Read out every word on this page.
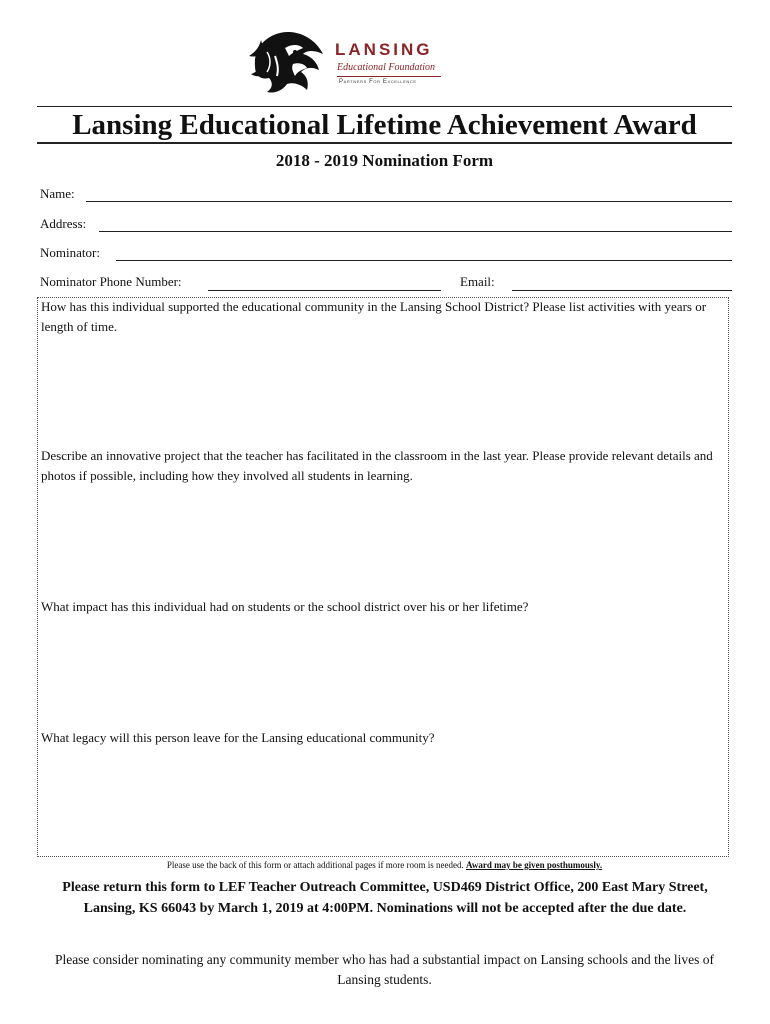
LANSING
Educational Foundation
Partners For Excellence
Lansing Educational Lifetime Achievement Award
2018 - 2019 Nomination Form
Name:
Address:
Nominator:
Nominator Phone Number:	Email:
How has this individual supported the educational community in the Lansing School District? Please list activities with years or length of time.
Describe an innovative project that the teacher has facilitated in the classroom in the last year. Please provide relevant details and photos if possible, including how they involved all students in learning.
What impact has this individual had on students or the school district over his or her lifetime?
What legacy will this person leave for the Lansing educational community?
Please use the back of this form or attach additional pages if more room is needed. Award may be given posthumously.
Please return this form to LEF Teacher Outreach Committee, USD469 District Office, 200 East Mary Street, Lansing, KS 66043 by March 1, 2019 at 4:00PM. Nominations will not be accepted after the due date.
Please consider nominating any community member who has had a substantial impact on Lansing schools and the lives of Lansing students.
